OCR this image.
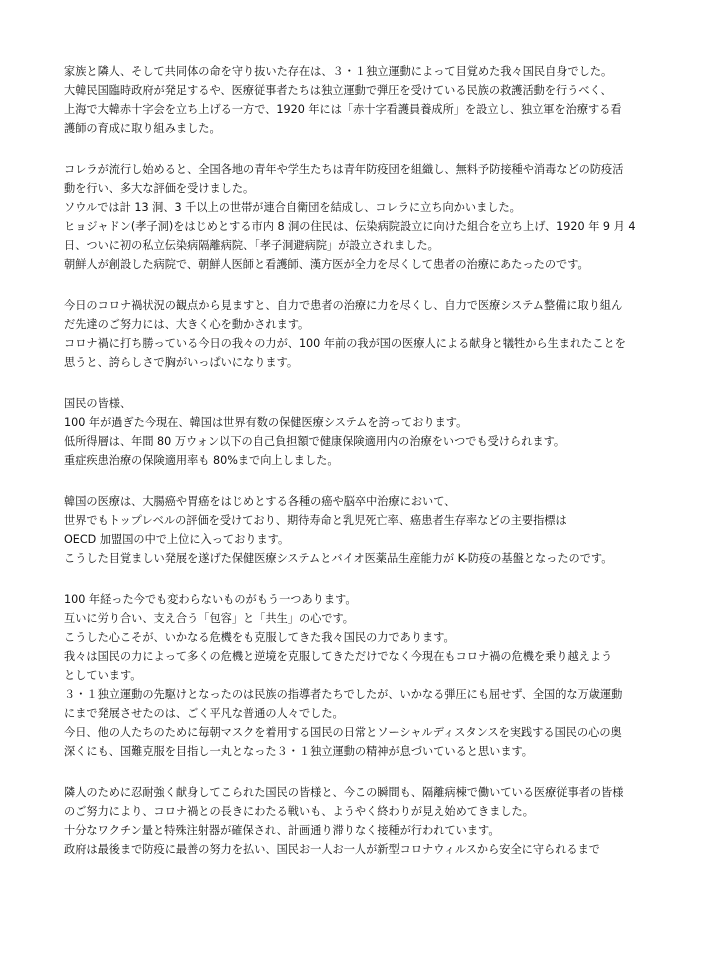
家族と隣人、そして共同体の命を守り抜いた存在は、３・１独立運動によって目覚めた我々国民自身でした。
大韓民国臨時政府が発足するや、医療従事者たちは独立運動で弾圧を受けている民族の救護活動を行うべく、
上海で大韓赤十字会を立ち上げる一方で、1920 年には「赤十字看護員養成所」を設立し、独立軍を治療する看
護師の育成に取り組みました。
コレラが流行し始めると、全国各地の青年や学生たちは青年防疫団を組織し、無料予防接種や消毒などの防疫活
動を行い、多大な評価を受けました。
ソウルでは計 13 洞、3 千以上の世帯が連合自衛団を結成し、コレラに立ち向かいました。
ヒョジャドン(孝子洞)をはじめとする市内 8 洞の住民は、伝染病院設立に向けた組合を立ち上げ、1920 年 9 月 4
日、ついに初の私立伝染病隔離病院、「孝子洞避病院」が設立されました。
朝鮮人が創設した病院で、朝鮮人医師と看護師、漢方医が全力を尽くして患者の治療にあたったのです。
今日のコロナ禍状況の観点から見ますと、自力で患者の治療に力を尽くし、自力で医療システム整備に取り組ん
だ先達のご努力には、大きく心を動かされます。
コロナ禍に打ち勝っている今日の我々の力が、100 年前の我が国の医療人による献身と犠牲から生まれたことを
思うと、誇らしさで胸がいっぱいになります。
国民の皆様、
100 年が過ぎた今現在、韓国は世界有数の保健医療システムを誇っております。
低所得層は、年間 80 万ウォン以下の自己負担額で健康保険適用内の治療をいつでも受けられます。
重症疾患治療の保険適用率も 80%まで向上しました。
韓国の医療は、大腸癌や胃癌をはじめとする各種の癌や脳卒中治療において、
世界でもトップレベルの評価を受けており、期待寿命と乳児死亡率、癌患者生存率などの主要指標は
OECD 加盟国の中で上位に入っております。
こうした目覚ましい発展を遂げた保健医療システムとバイオ医薬品生産能力が K-防疫の基盤となったのです。
100 年経った今でも変わらないものがもう一つあります。
互いに労り合い、支え合う「包容」と「共生」の心です。
こうした心こそが、いかなる危機をも克服してきた我々国民の力であります。
我々は国民の力によって多くの危機と逆境を克服してきただけでなく今現在もコロナ禍の危機を乗り越えよう
としています。
３・１独立運動の先駆けとなったのは民族の指導者たちでしたが、いかなる弾圧にも屈せず、全国的な万歳運動
にまで発展させたのは、ごく平凡な普通の人々でした。
今日、他の人たちのために毎朝マスクを着用する国民の日常とソーシャルディスタンスを実践する国民の心の奥
深くにも、国難克服を目指し一丸となった３・１独立運動の精神が息づいていると思います。
隣人のために忍耐強く献身してこられた国民の皆様と、今この瞬間も、隔離病棟で働いている医療従事者の皆様
のご努力により、コロナ禍との長きにわたる戦いも、ようやく終わりが見え始めてきました。
十分なワクチン量と特殊注射器が確保され、計画通り滞りなく接種が行われています。
政府は最後まで防疫に最善の努力を払い、国民お一人お一人が新型コロナウィルスから安全に守られるまで
